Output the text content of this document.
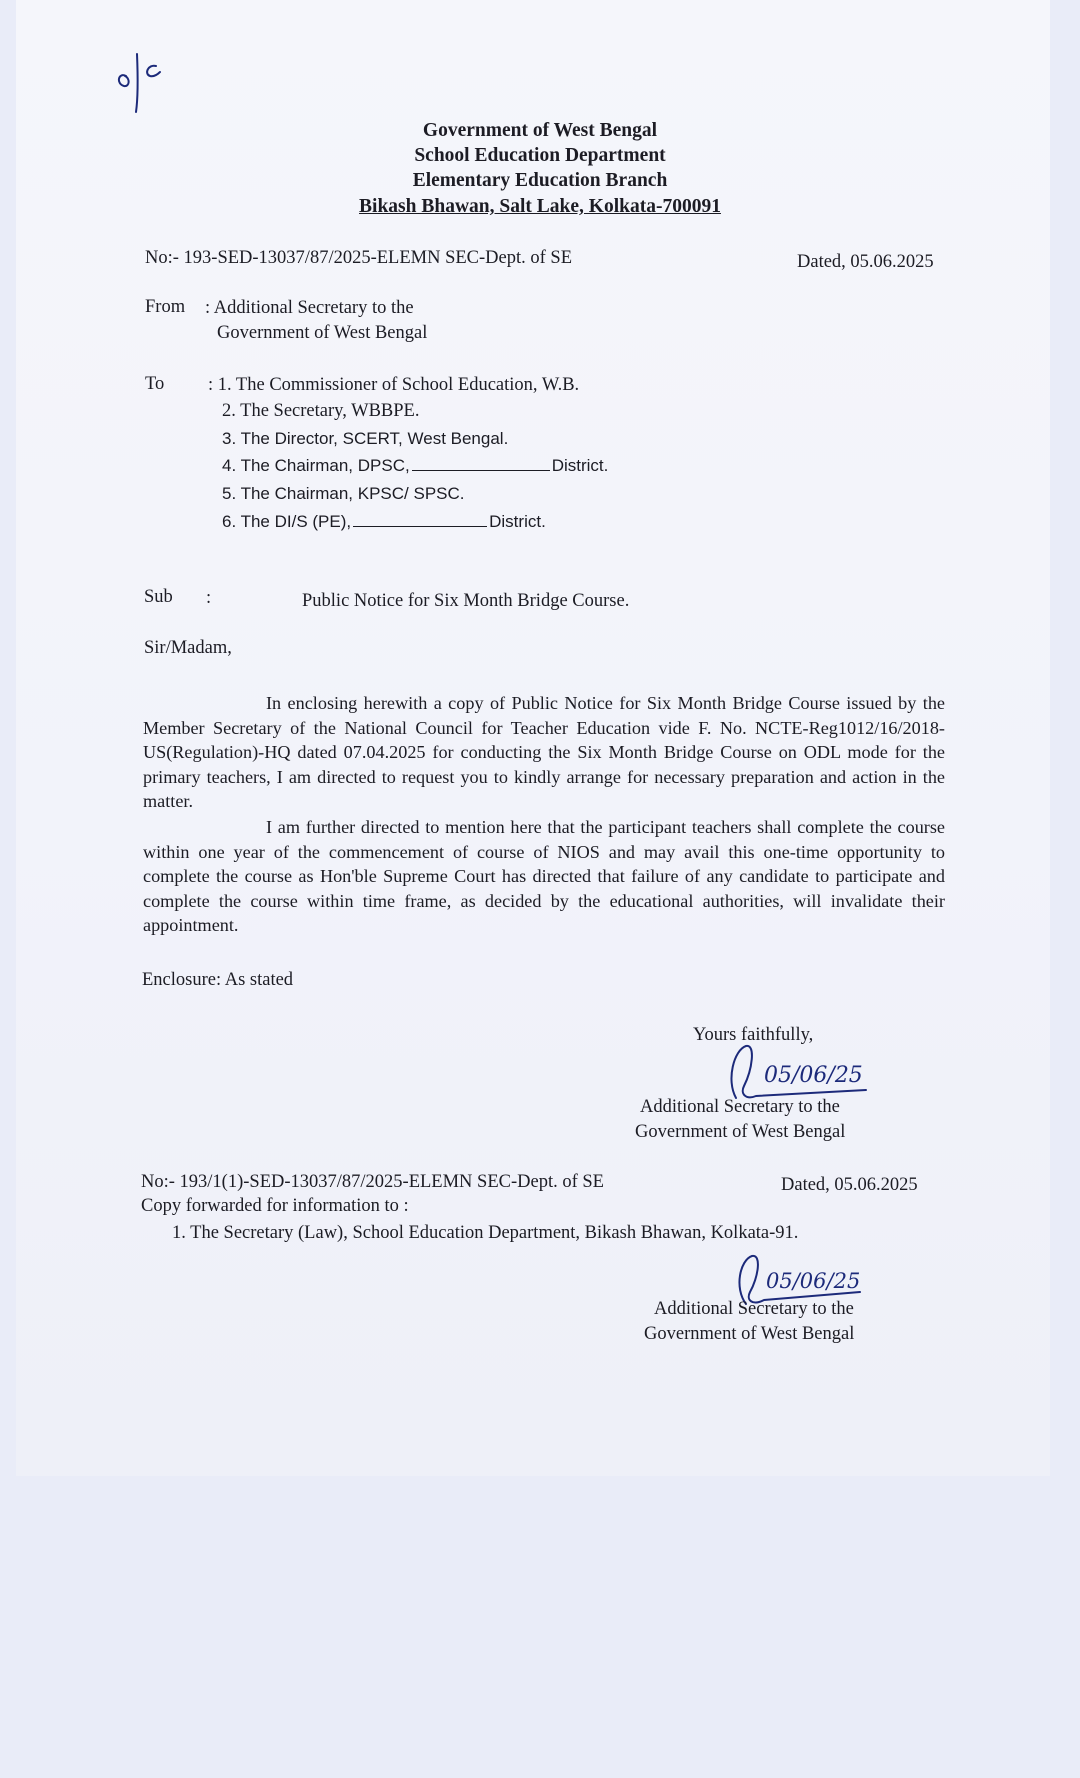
Government of West Bengal
School Education Department
Elementary Education Branch
Bikash Bhawan, Salt Lake, Kolkata-700091
No:- 193-SED-13037/87/2025-ELEMN SEC-Dept. of SE	Dated, 05.06.2025
From : Additional Secretary to the
Government of West Bengal
To : 1. The Commissioner of School Education, W.B.
2. The Secretary, WBBPE.
3. The Director, SCERT, West Bengal.
4. The Chairman, DPSC,	District.
5. The Chairman, KPSC/ SPSC.
6. The DI/S (PE),	District.
Sub :	Public Notice for Six Month Bridge Course.
Sir/Madam,

In enclosing herewith a copy of Public Notice for Six Month Bridge Course issued by the Member Secretary of the National Council for Teacher Education vide F. No. NCTE-Reg1012/16/2018-US(Regulation)-HQ dated 07.04.2025 for conducting the Six Month Bridge Course on ODL mode for the primary teachers, I am directed to request you to kindly arrange for necessary preparation and action in the matter.

I am further directed to mention here that the participant teachers shall complete the course within one year of the commencement of course of NIOS and may avail this one-time opportunity to complete the course as Hon'ble Supreme Court has directed that failure of any candidate to participate and complete the course within time frame, as decided by the educational authorities, will invalidate their appointment.

Enclosure: As stated
Yours faithfully,
05/06/25
Additional Secretary to the
Government of West Bengal
No:- 193/1(1)-SED-13037/87/2025-ELEMN SEC-Dept. of SE	Dated, 05.06.2025
Copy forwarded for information to :
1. The Secretary (Law), School Education Department, Bikash Bhawan, Kolkata-91.
05/06/25
Additional Secretary to the
Government of West Bengal
